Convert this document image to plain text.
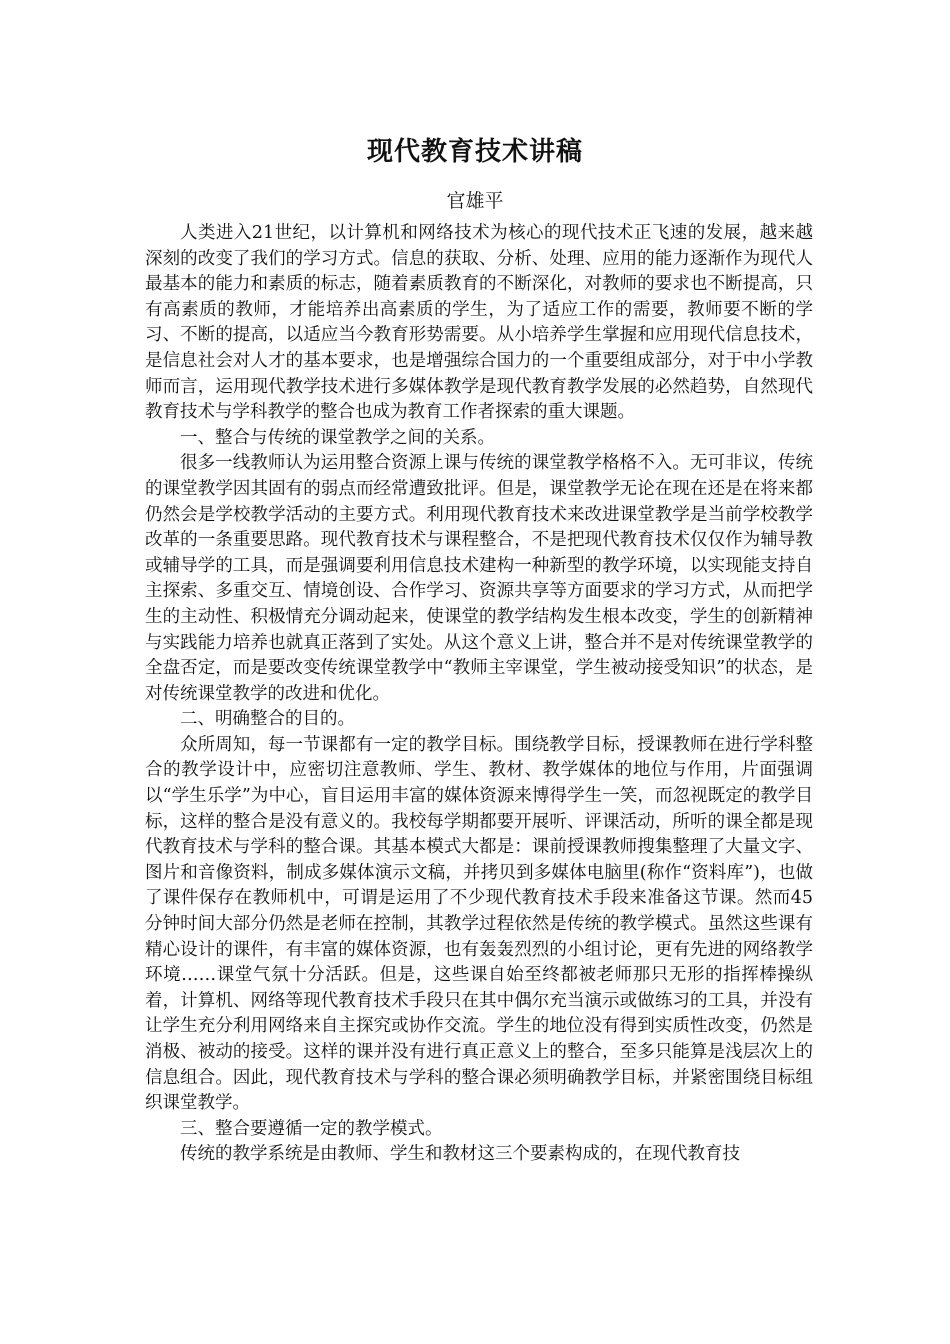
现代教育技术讲稿
官雄平

人类进入21世纪，以计算机和网络技术为核心的现代技术正飞速的发展，越来越深刻的改变了我们的学习方式。信息的获取、分析、处理、应用的能力逐渐作为现代人最基本的能力和素质的标志，随着素质教育的不断深化，对教师的要求也不断提高，只有高素质的教师，才能培养出高素质的学生，为了适应工作的需要，教师要不断的学习、不断的提高，以适应当今教育形势需要。从小培养学生掌握和应用现代信息技术，是信息社会对人才的基本要求，也是增强综合国力的一个重要组成部分，对于中小学教师而言，运用现代教学技术进行多媒体教学是现代教育教学发展的必然趋势，自然现代教育技术与学科教学的整合也成为教育工作者探索的重大课题。

一、整合与传统的课堂教学之间的关系。

很多一线教师认为运用整合资源上课与传统的课堂教学格格不入。无可非议，传统的课堂教学因其固有的弱点而经常遭致批评。但是，课堂教学无论在现在还是在将来都仍然会是学校教学活动的主要方式。利用现代教育技术来改进课堂教学是当前学校教学改革的一条重要思路。现代教育技术与课程整合，不是把现代教育技术仅仅作为辅导教或辅导学的工具，而是强调要利用信息技术建构一种新型的教学环境，以实现能支持自主探索、多重交互、情境创设、合作学习、资源共享等方面要求的学习方式，从而把学生的主动性、积极情充分调动起来，使课堂的教学结构发生根本改变，学生的创新精神与实践能力培养也就真正落到了实处。从这个意义上讲，整合并不是对传统课堂教学的全盘否定，而是要改变传统课堂教学中“教师主宰课堂，学生被动接受知识”的状态，是对传统课堂教学的改进和优化。

二、明确整合的目的。

众所周知，每一节课都有一定的教学目标。围绕教学目标，授课教师在进行学科整合的教学设计中，应密切注意教师、学生、教材、教学媒体的地位与作用，片面强调以“学生乐学”为中心，盲目运用丰富的媒体资源来博得学生一笑，而忽视既定的教学目标，这样的整合是没有意义的。我校每学期都要开展听、评课活动，所听的课全都是现代教育技术与学科的整合课。其基本模式大都是：课前授课教师搜集整理了大量文字、图片和音像资料，制成多媒体演示文稿，并拷贝到多媒体电脑里(称作“资料库”)，也做了课件保存在教师机中，可谓是运用了不少现代教育技术手段来准备这节课。然而45分钟时间大部分仍然是老师在控制，其教学过程依然是传统的教学模式。虽然这些课有精心设计的课件，有丰富的媒体资源，也有轰轰烈烈的小组讨论，更有先进的网络教学环境……课堂气氛十分活跃。但是，这些课自始至终都被老师那只无形的指挥棒操纵着，计算机、网络等现代教育技术手段只在其中偶尔充当演示或做练习的工具，并没有让学生充分利用网络来自主探究或协作交流。学生的地位没有得到实质性改变，仍然是消极、被动的接受。这样的课并没有进行真正意义上的整合，至多只能算是浅层次上的信息组合。因此，现代教育技术与学科的整合课必须明确教学目标，并紧密围绕目标组织课堂教学。

三、整合要遵循一定的教学模式。

传统的教学系统是由教师、学生和教材这三个要素构成的，在现代教育技
